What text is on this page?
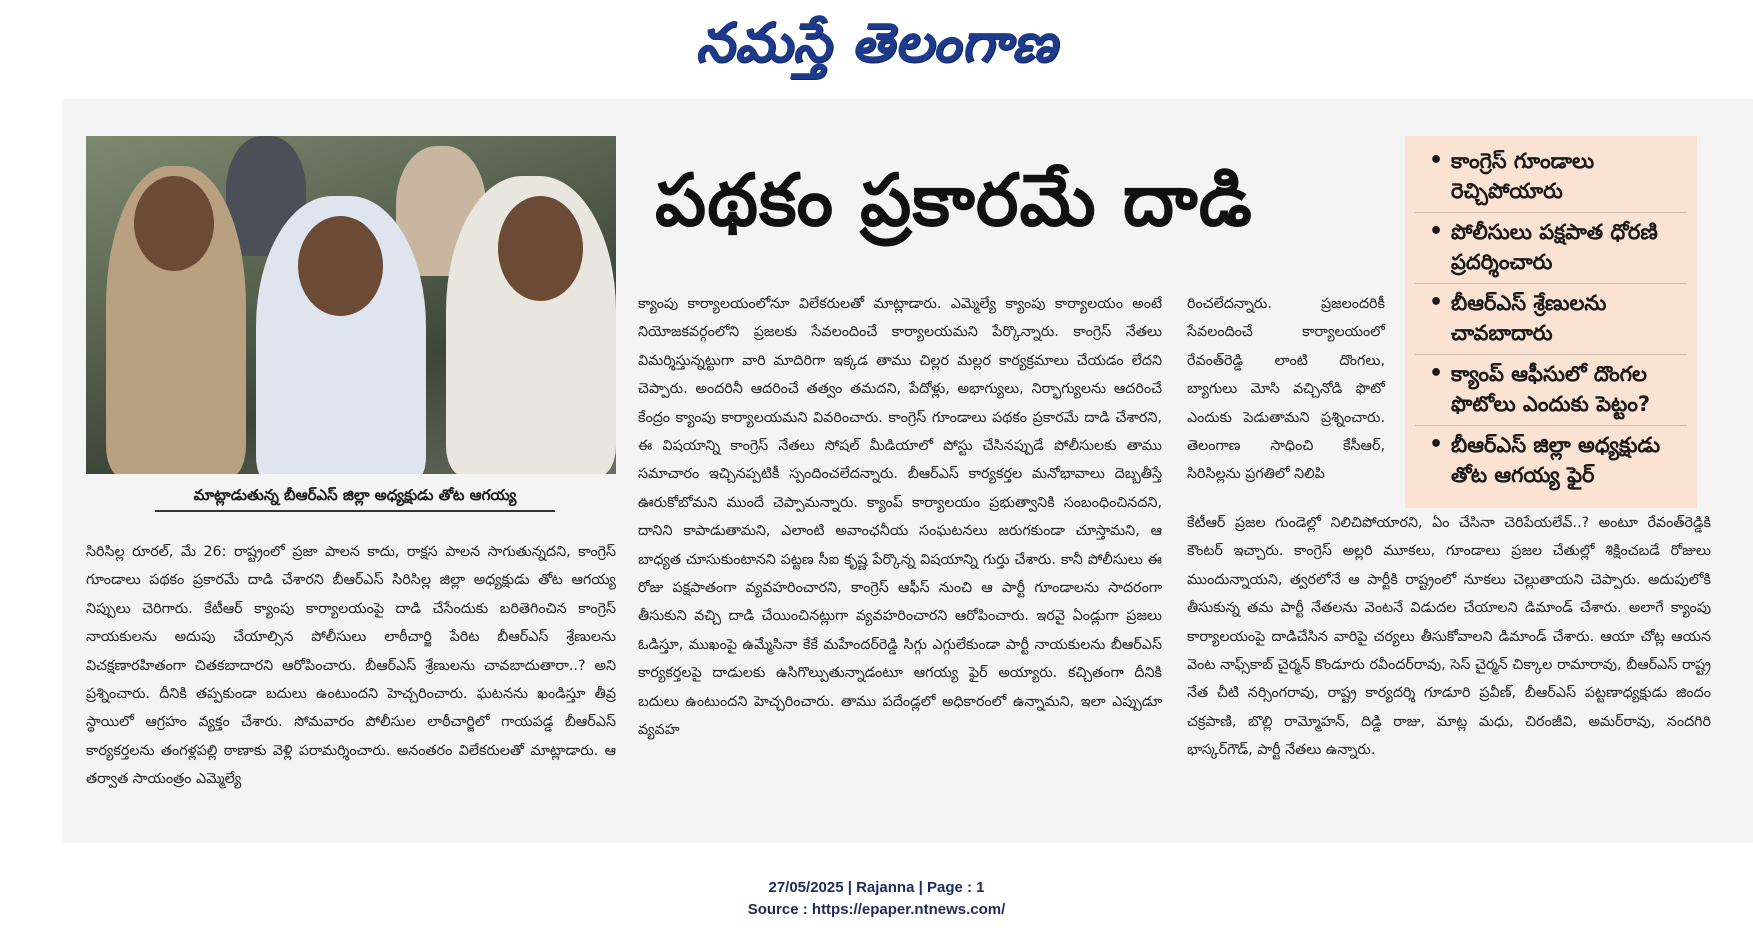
నమస్తే తెలంగాణ
మాట్లాడుతున్న బీఆర్ఎస్ జిల్లా అధ్యక్షుడు తోట ఆగయ్య
పథకం ప్రకారమే దాడి	• కాంగ్రెస్ గూండాలు రెచ్చిపోయారు
• పోలీసులు పక్షపాత ధోరణి ప్రదర్శించారు
• బీఆర్ఎస్ శ్రేణులను చావబాదారు
• క్యాంప్ ఆఫీసులో దొంగల ఫొటోలు ఎందుకు పెట్టం?
• బీఆర్ఎస్ జిల్లా అధ్యక్షుడు తోట ఆగయ్య ఫైర్
సిరిసిల్ల రూరల్, మే 26: రాష్ట్రంలో ప్రజా పాలన కాదు, రాక్షస పాలన సాగుతున్నదని, కాంగ్రెస్ గూండాలు పథకం ప్రకారమే దాడి చేశారని బీఆర్ఎస్ సిరిసిల్ల జిల్లా అధ్యక్షుడు తోట ఆగయ్య నిప్పులు చెరిగారు. కేటీఆర్ క్యాంపు కార్యాలయంపై దాడి చేసేందుకు బరితెగించిన కాంగ్రెస్ నాయకులను అదుపు చేయాల్సిన పోలీసులు లాఠీచార్జి పేరిట బీఆర్ఎస్ శ్రేణులను విచక్షణారహితంగా చితకబాదారని ఆరోపించారు. బీఆర్ఎస్ శ్రేణులను చావబాదుతారా..? అని ప్రశ్నించారు. దీనికి తప్పకుండా బదులు ఉంటుందని హెచ్చరించారు. ఘటనను ఖండిస్తూ తీవ్ర స్థాయిలో ఆగ్రహం వ్యక్తం చేశారు. సోమవారం పోలీసుల లాఠీచార్జిలో గాయపడ్డ బీఆర్ఎస్ కార్యకర్తలను తంగళ్లపల్లి ఠాణాకు వెళ్లి పరామర్శించారు. అనంతరం విలేకరులతో మాట్లాడారు. ఆ తర్వాత సాయంత్రం ఎమ్మెల్యే
క్యాంపు కార్యాలయంలోనూ విలేకరులతో మాట్లాడారు. ఎమ్మెల్యే క్యాంపు కార్యాలయం అంటే నియోజకవర్గంలోని ప్రజలకు సేవలందించే కార్యాలయమని పేర్కొన్నారు. కాంగ్రెస్ నేతలు విమర్శిస్తున్నట్టుగా వారి మాదిరిగా ఇక్కడ తాము చిల్లర మల్లర కార్యక్రమాలు చేయడం లేదని చెప్పారు. అందరినీ ఆదరించే తత్వం తమదని, పేదోళ్లు, అభాగ్యులు, నిర్భాగ్యులను ఆదరించే కేంద్రం క్యాంపు కార్యాలయమని వివరించారు. కాంగ్రెస్ గూండాలు పథకం ప్రకారమే దాడి చేశారని, ఈ విషయాన్ని కాంగ్రెస్ నేతలు సోషల్ మీడియాలో పోస్టు చేసినప్పుడే పోలీసులకు తాము సమాచారం ఇచ్చినప్పటికీ స్పందించలేదన్నారు. బీఆర్ఎస్ కార్యకర్తల మనోభావాలు దెబ్బతీస్తే ఊరుకోబోమని ముందే చెప్పామన్నారు. క్యాంప్ కార్యాలయం ప్రభుత్వానికి సంబంధించినదని, దానిని కాపాడుతామని, ఎలాంటి అవాంఛనీయ సంఘటనలు జరుగకుండా చూస్తామని, ఆ బాధ్యత చూసుకుంటానని పట్టణ సీఐ కృష్ణ పేర్కొన్న విషయాన్ని గుర్తు చేశారు. కానీ పోలీసులు ఈ రోజు పక్షపాతంగా వ్యవహరించారని, కాంగ్రెస్ ఆఫీస్ నుంచి ఆ పార్టీ గూండాలను సాదరంగా తీసుకుని వచ్చి దాడి చేయించినట్లుగా వ్యవహరించారని ఆరోపించారు. ఇరవై ఏండ్లుగా ప్రజలు ఓడిస్తూ, ముఖంపై ఉమ్మేసినా కేకే మహేందర్‌రెడ్డి సిగ్గు ఎగ్గులేకుండా పార్టీ నాయకులను బీఆర్ఎస్ కార్యకర్తలపై దాడులకు ఉసిగొల్పుతున్నాడంటూ ఆగయ్య ఫైర్ అయ్యారు. కచ్చితంగా దీనికి బదులు ఉంటుందని హెచ్చరించారు. తాము పదేండ్లలో అధికారంలో ఉన్నామని, ఇలా ఎప్పుడూ వ్యవహ
రించలేదన్నారు. ప్రజలందరికీ సేవలందించే కార్యాలయంలో రేవంత్‌రెడ్డి లాంటి దొంగలు, బ్యాగులు మోసి వచ్చినోడి ఫొటో ఎందుకు పెడుతామని ప్రశ్నించారు. తెలంగాణ సాధించి కేసీఆర్, సిరిసిల్లను ప్రగతిలో నిలిపి
కేటీఆర్ ప్రజల గుండెల్లో నిలిచిపోయారని, ఏం చేసినా చెరిపేయలేవ్..? అంటూ రేవంత్‌రెడ్డికి కౌంటర్ ఇచ్చారు. కాంగ్రెస్ అల్లరి మూకలు, గూండాలు ప్రజల చేతుల్లో శిక్షించబడే రోజులు ముందున్నాయని, త్వరలోనే ఆ పార్టీకి రాష్ట్రంలో నూకలు చెల్లుతాయని చెప్పారు. అదుపులోకి తీసుకున్న తమ పార్టీ నేతలను వెంటనే విడుదల చేయాలని డిమాండ్ చేశారు. అలాగే క్యాంపు కార్యాలయంపై దాడిచేసిన వారిపై చర్యలు తీసుకోవాలని డిమాండ్ చేశారు. ఆయా చోట్ల ఆయన వెంట నాఫ్స్‌కాబ్ చైర్మన్ కొండూరు రవీందర్‌రావు, సెస్ చైర్మన్ చిక్కాల రామారావు, బీఆర్ఎస్ రాష్ట్ర నేత చీటి నర్సింగరావు, రాష్ట్ర కార్యదర్శి గూడూరి ప్రవీణ్, బీఆర్ఎస్ పట్టణాధ్యక్షుడు జిందం చక్రపాణి, బొల్లి రామ్మోహన్, దిడ్డి రాజు, మాట్ల మధు, చిరంజీవి, అమర్‌రావు, నందగిరి భాస్కర్‌గౌడ్, పార్టీ నేతలు ఉన్నారు.
27/05/2025 | Rajanna | Page : 1
Source : https://epaper.ntnews.com/
